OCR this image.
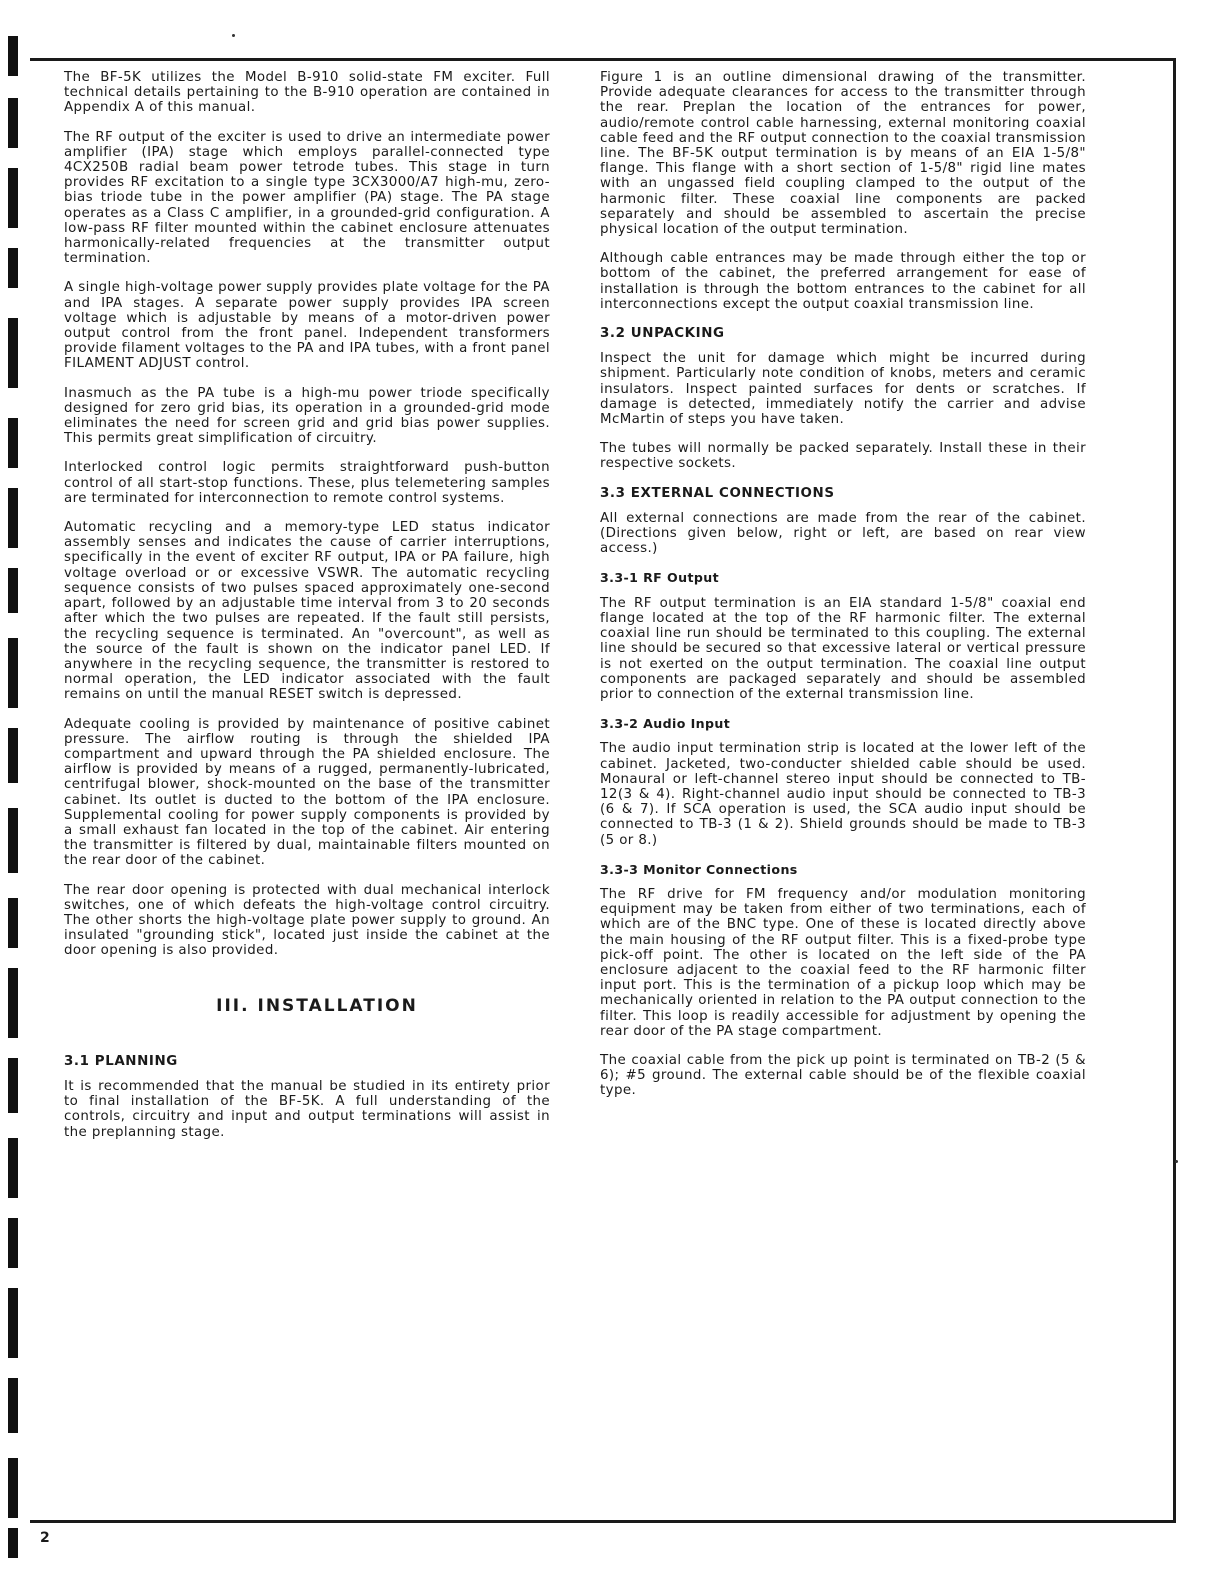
The BF-5K utilizes the Model B-910 solid-state FM exciter. Full technical details pertaining to the B-910 operation are contained in Appendix A of this manual.

The RF output of the exciter is used to drive an intermediate power amplifier (IPA) stage which employs parallel-connected type 4CX250B radial beam power tetrode tubes. This stage in turn provides RF excitation to a single type 3CX3000/A7 high-mu, zero-bias triode tube in the power amplifier (PA) stage. The PA stage operates as a Class C amplifier, in a grounded-grid configuration. A low-pass RF filter mounted within the cabinet enclosure attenuates harmonically-related frequencies at the transmitter output termination.

A single high-voltage power supply provides plate voltage for the PA and IPA stages. A separate power supply provides IPA screen voltage which is adjustable by means of a motor-driven power output control from the front panel. Independent transformers provide filament voltages to the PA and IPA tubes, with a front panel FILAMENT ADJUST control.

Inasmuch as the PA tube is a high-mu power triode specifically designed for zero grid bias, its operation in a grounded-grid mode eliminates the need for screen grid and grid bias power supplies. This permits great simplification of circuitry.

Interlocked control logic permits straightforward push-button control of all start-stop functions. These, plus telemetering samples are terminated for interconnection to remote control systems.

Automatic recycling and a memory-type LED status indicator assembly senses and indicates the cause of carrier interruptions, specifically in the event of exciter RF output, IPA or PA failure, high voltage overload or or excessive VSWR. The automatic recycling sequence consists of two pulses spaced approximately one-second apart, followed by an adjustable time interval from 3 to 20 seconds after which the two pulses are repeated. If the fault still persists, the recycling sequence is terminated. An "overcount", as well as the source of the fault is shown on the indicator panel LED. If anywhere in the recycling sequence, the transmitter is restored to normal operation, the LED indicator associated with the fault remains on until the manual RESET switch is depressed.

Adequate cooling is provided by maintenance of positive cabinet pressure. The airflow routing is through the shielded IPA compartment and upward through the PA shielded enclosure. The airflow is provided by means of a rugged, permanently-lubricated, centrifugal blower, shock-mounted on the base of the transmitter cabinet. Its outlet is ducted to the bottom of the IPA enclosure. Supplemental cooling for power supply components is provided by a small exhaust fan located in the top of the cabinet. Air entering the transmitter is filtered by dual, maintainable filters mounted on the rear door of the cabinet.

The rear door opening is protected with dual mechanical interlock switches, one of which defeats the high-voltage control circuitry. The other shorts the high-voltage plate power supply to ground. An insulated "grounding stick", located just inside the cabinet at the door opening is also provided.

III. INSTALLATION
3.1 PLANNING

It is recommended that the manual be studied in its entirety prior to final installation of the BF-5K. A full understanding of the controls, circuitry and input and output terminations will assist in the preplanning stage.

Figure 1 is an outline dimensional drawing of the transmitter. Provide adequate clearances for access to the transmitter through the rear. Preplan the location of the entrances for power, audio/remote control cable harnessing, external monitoring coaxial cable feed and the RF output connection to the coaxial transmission line. The BF-5K output termination is by means of an EIA 1-5/8" flange. This flange with a short section of 1-5/8" rigid line mates with an ungassed field coupling clamped to the output of the harmonic filter. These coaxial line components are packed separately and should be assembled to ascertain the precise physical location of the output termination.

Although cable entrances may be made through either the top or bottom of the cabinet, the preferred arrangement for ease of installation is through the bottom entrances to the cabinet for all interconnections except the output coaxial transmission line.

3.2 UNPACKING

Inspect the unit for damage which might be incurred during shipment. Particularly note condition of knobs, meters and ceramic insulators. Inspect painted surfaces for dents or scratches. If damage is detected, immediately notify the carrier and advise McMartin of steps you have taken.

The tubes will normally be packed separately. Install these in their respective sockets.

3.3 EXTERNAL CONNECTIONS

All external connections are made from the rear of the cabinet. (Directions given below, right or left, are based on rear view access.)

3.3-1 RF Output

The RF output termination is an EIA standard 1-5/8" coaxial end flange located at the top of the RF harmonic filter. The external coaxial line run should be terminated to this coupling. The external line should be secured so that excessive lateral or vertical pressure is not exerted on the output termination. The coaxial line output components are packaged separately and should be assembled prior to connection of the external transmission line.

3.3-2 Audio Input

The audio input termination strip is located at the lower left of the cabinet. Jacketed, two-conducter shielded cable should be used. Monaural or left-channel stereo input should be connected to TB-12(3 & 4). Right-channel audio input should be connected to TB-3 (6 & 7). If SCA operation is used, the SCA audio input should be connected to TB-3 (1 & 2). Shield grounds should be made to TB-3 (5 or 8.)

3.3-3 Monitor Connections

The RF drive for FM frequency and/or modulation monitoring equipment may be taken from either of two terminations, each of which are of the BNC type. One of these is located directly above the main housing of the RF output filter. This is a fixed-probe type pick-off point. The other is located on the left side of the PA enclosure adjacent to the coaxial feed to the RF harmonic filter input port. This is the termination of a pickup loop which may be mechanically oriented in relation to the PA output connection to the filter. This loop is readily accessible for adjustment by opening the rear door of the PA stage compartment.

The coaxial cable from the pick up point is terminated on TB-2 (5 & 6); #5 ground. The external cable should be of the flexible coaxial type.

2
